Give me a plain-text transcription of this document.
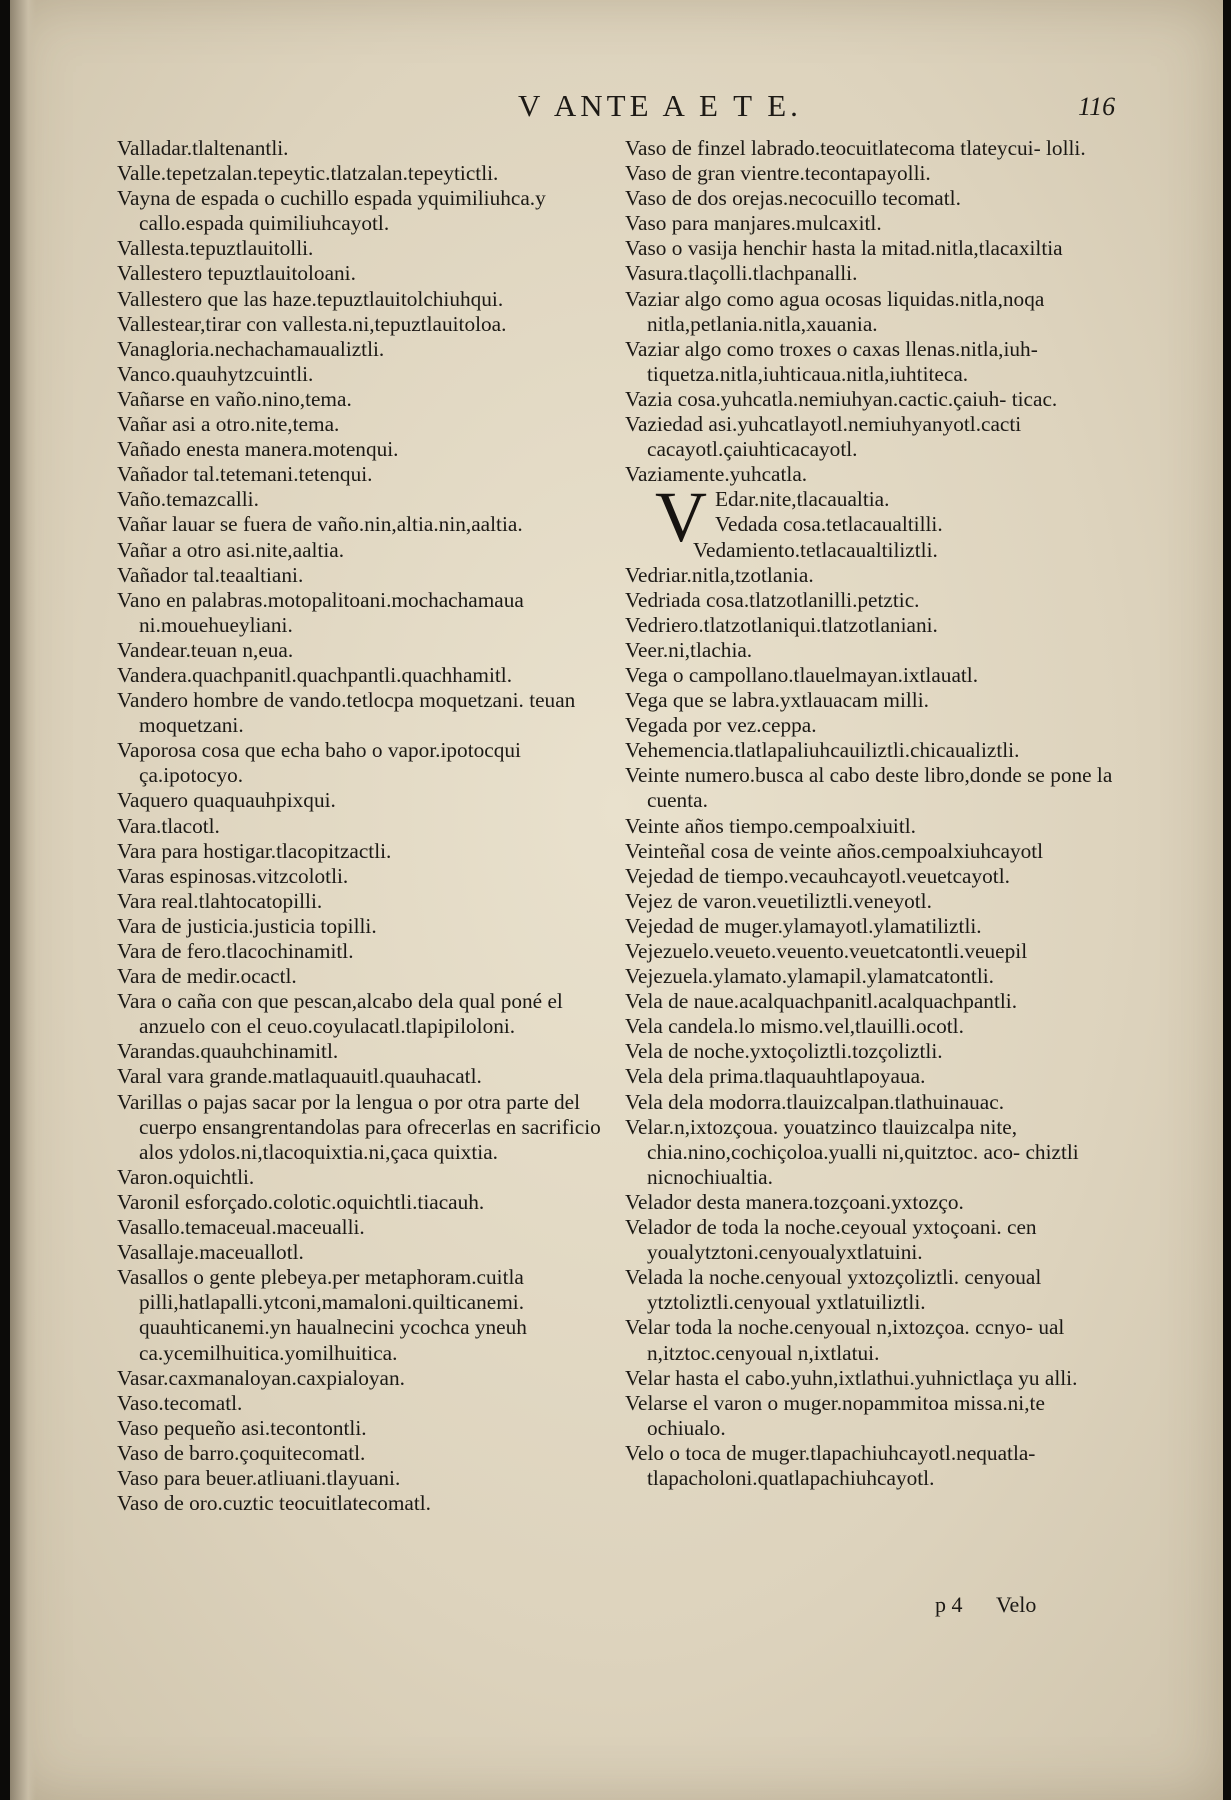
V ANTE A E T E.	116
Valladar.tlaltenantli.
Valle.tepetzalan.tepeytic.tlatzalan.tepeytictli.
Vayna de espada o cuchillo espada yquimiliuhca.y callo.espada quimiliuhcayotl.
Vallesta.tepuztlauitolli.
Vallestero tepuztlauitoloani.
Vallestero que las haze.tepuztlauitolchiuhqui.
Vallestear,tirar con vallesta.ni,tepuztlauitoloa.
Vanagloria.nechachamaualiztli.
Vanco.quauhytzcuintli.
Vañarse en vaño.nino,tema.
Vañar asi a otro.nite,tema.
Vañado enesta manera.motenqui.
Vañador tal.tetemani.tetenqui.
Vaño.temazcalli.
Vañar lauar se fuera de vaño.nin,altia.nin,aaltia.
Vañar a otro asi.nite,aaltia.
Vañador tal.teaaltiani.
Vano en palabras.motopalitoani.mochachamaua ni.mouehueyliani.
Vandear.teuan n,eua.
Vandera.quachpanitl.quachpantli.quachhamitl.
Vandero hombre de vando.tetlocpa moquetzani. teuan moquetzani.
Vaporosa cosa que echa baho o vapor.ipotocqui ça.ipotocyo.
Vaquero quaquauhpixqui.
Vara.tlacotl.
Vara para hostigar.tlacopitzactli.
Varas espinosas.vitzcolotli.
Vara real.tlahtocatopilli.
Vara de justicia.justicia topilli.
Vara de fero.tlacochinamitl.
Vara de medir.ocactl.
Vara o caña con que pescan,alcabo dela qual poné el anzuelo con el ceuo.coyulacatl.tlapipiloloni.
Varandas.quauhchinamitl.
Varal vara grande.matlaquauitl.quauhacatl.
Varillas o pajas sacar por la lengua o por otra parte del cuerpo ensangrentandolas para ofrecerlas en sacrificio alos ydolos.ni,tlacoquixtia.ni,çaca quixtia.
Varon.oquichtli.
Varonil esforçado.colotic.oquichtli.tiacauh.
Vasallo.temaceual.maceualli.
Vasallaje.maceuallotl.
Vasallos o gente plebeya.per metaphoram.cuitla pilli,hatlapalli.ytconi,mamaloni.quilticanemi. quauhticanemi.yn haualnecini ycochca yneuh ca.ycemilhuitica.yomilhuitica.
Vasar.caxmanaloyan.caxpialoyan.
Vaso.tecomatl.
Vaso pequeño asi.tecontontli.
Vaso de barro.çoquitecomatl.
Vaso para beuer.atliuani.tlayuani.
Vaso de oro.cuztic teocuitlatecomatl.
Vaso de finzel labrado.teocuitlatecoma tlateycui- lolli.
Vaso de gran vientre.tecontapayolli.
Vaso de dos orejas.necocuillo tecomatl.
Vaso para manjares.mulcaxitl.
Vaso o vasija henchir hasta la mitad.nitla,tlacaxiltia
Vasura.tlaçolli.tlachpanalli.
Vaziar algo como agua ocosas liquidas.nitla,noqa nitla,petlania.nitla,xauania.
Vaziar algo como troxes o caxas llenas.nitla,iuh- tiquetza.nitla,iuhticaua.nitla,iuhtiteca.
Vazia cosa.yuhcatla.nemiuhyan.cactic.çaiuh- ticac.
Vaziedad asi.yuhcatlayotl.nemiuhyanyotl.cacti cacayotl.çaiuhticacayotl.
Vaziamente.yuhcatla.
V Edar.nite,tlacaualtia.
Vedada cosa.tetlacaualtilli.
Vedamiento.tetlacaualtiliztli.
Vedriar.nitla,tzotlania.
Vedriada cosa.tlatzotlanilli.petztic.
Vedriero.tlatzotlaniqui.tlatzotlaniani.
Veer.ni,tlachia.
Vega o campollano.tlauelmayan.ixtlauatl.
Vega que se labra.yxtlauacam milli.
Vegada por vez.ceppa.
Vehemencia.tlatlapaliuhcauiliztli.chicaualiztli.
Veinte numero.busca al cabo deste libro,donde se pone la cuenta.
Veinte años tiempo.cempoalxiuitl.
Veinteñal cosa de veinte años.cempoalxiuhcayotl
Vejedad de tiempo.vecauhcayotl.veuetcayotl.
Vejez de varon.veuetiliztli.veneyotl.
Vejedad de muger.ylamayotl.ylamatiliztli.
Vejezuelo.veueto.veuento.veuetcatontli.veuepil
Vejezuela.ylamato.ylamapil.ylamatcatontli.
Vela de naue.acalquachpanitl.acalquachpantli.
Vela candela.lo mismo.vel,tlauilli.ocotl.
Vela de noche.yxtoçoliztli.tozçoliztli.
Vela dela prima.tlaquauhtlapoyaua.
Vela dela modorra.tlauizcalpan.tlathuinauac.
Velar.n,ixtozçoua. youatzinco tlauizcalpa nite, chia.nino,cochiçoloa.yualli ni,quitztoc. aco- chiztli nicnochiualtia.
Velador desta manera.tozçoani.yxtozço.
Velador de toda la noche.ceyoual yxtoçoani. cen youalytztoni.cenyoualyxtlatuini.
Velada la noche.cenyoual yxtozçoliztli. cenyoual ytztoliztli.cenyoual yxtlatuiliztli.
Velar toda la noche.cenyoual n,ixtozçoa. ccnyo- ual n,itztoc.cenyoual n,ixtlatui.
Velar hasta el cabo.yuhn,ixtlathui.yuhnictlaça yu alli.
Velarse el varon o muger.nopammitoa missa.ni,te ochiualo.
Velo o toca de muger.tlapachiuhcayotl.nequatla- tlapacholoni.quatlapachiuhcayotl.
p 4 Velo
